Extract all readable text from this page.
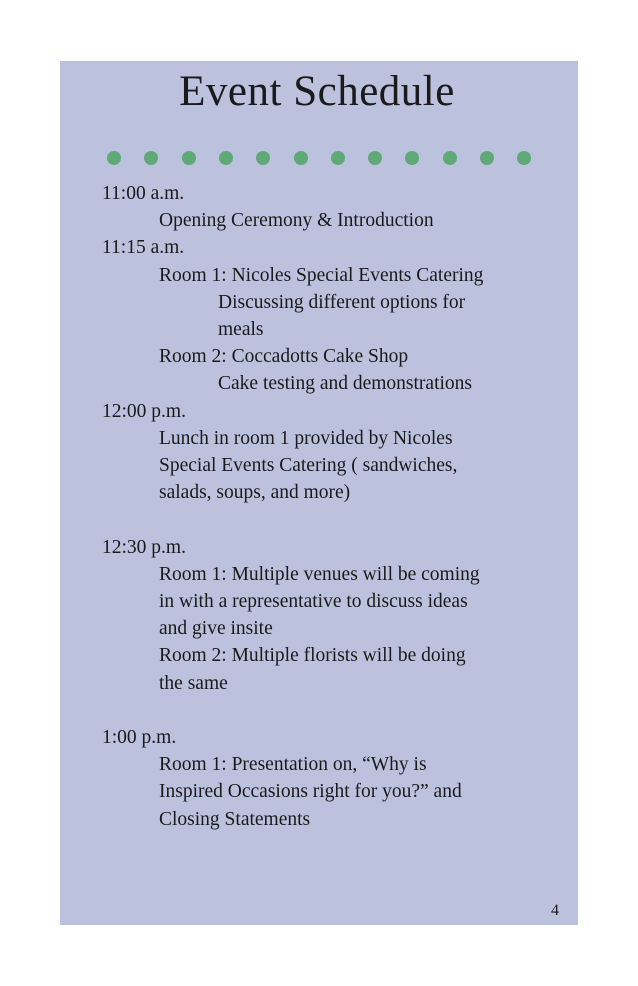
Event Schedule
11:00 a.m.
Opening Ceremony & Introduction
11:15 a.m.
Room 1: Nicoles Special Events Catering
Discussing different options for
meals
Room 2: Coccadotts Cake Shop
Cake testing and demonstrations
12:00 p.m.
Lunch in room 1 provided by Nicoles
Special Events Catering ( sandwiches,
salads, soups, and more)
12:30 p.m.
Room 1: Multiple venues will be coming
in with a representative to discuss ideas
and give insite
Room 2: Multiple florists will be doing
the same
1:00 p.m.
Room 1: Presentation on, “Why is
Inspired Occasions right for you?” and
Closing Statements
4
